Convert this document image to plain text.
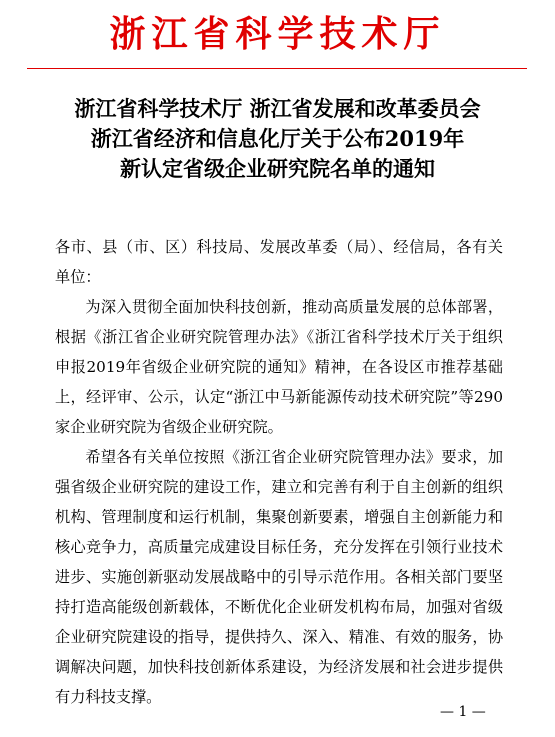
浙江省科学技术厅
浙江省科学技术厅 浙江省发展和改革委员会
浙江省经济和信息化厅关于公布2019年
新认定省级企业研究院名单的通知

各市、县（市、区）科技局、发展改革委（局）、经信局，各有关单位：

为深入贯彻全面加快科技创新，推动高质量发展的总体部署，根据《浙江省企业研究院管理办法》《浙江省科学技术厅关于组织申报2019年省级企业研究院的通知》精神，在各设区市推荐基础上，经评审、公示，认定“浙江中马新能源传动技术研究院”等290家企业研究院为省级企业研究院。

希望各有关单位按照《浙江省企业研究院管理办法》要求，加强省级企业研究院的建设工作，建立和完善有利于自主创新的组织机构、管理制度和运行机制，集聚创新要素，增强自主创新能力和核心竞争力，高质量完成建设目标任务，充分发挥在引领行业技术进步、实施创新驱动发展战略中的引导示范作用。各相关部门要坚持打造高能级创新载体，不断优化企业研发机构布局，加强对省级企业研究院建设的指导，提供持久、深入、精准、有效的服务，协调解决问题，加快科技创新体系建设，为经济发展和社会进步提供有力科技支撑。

— 1 —
